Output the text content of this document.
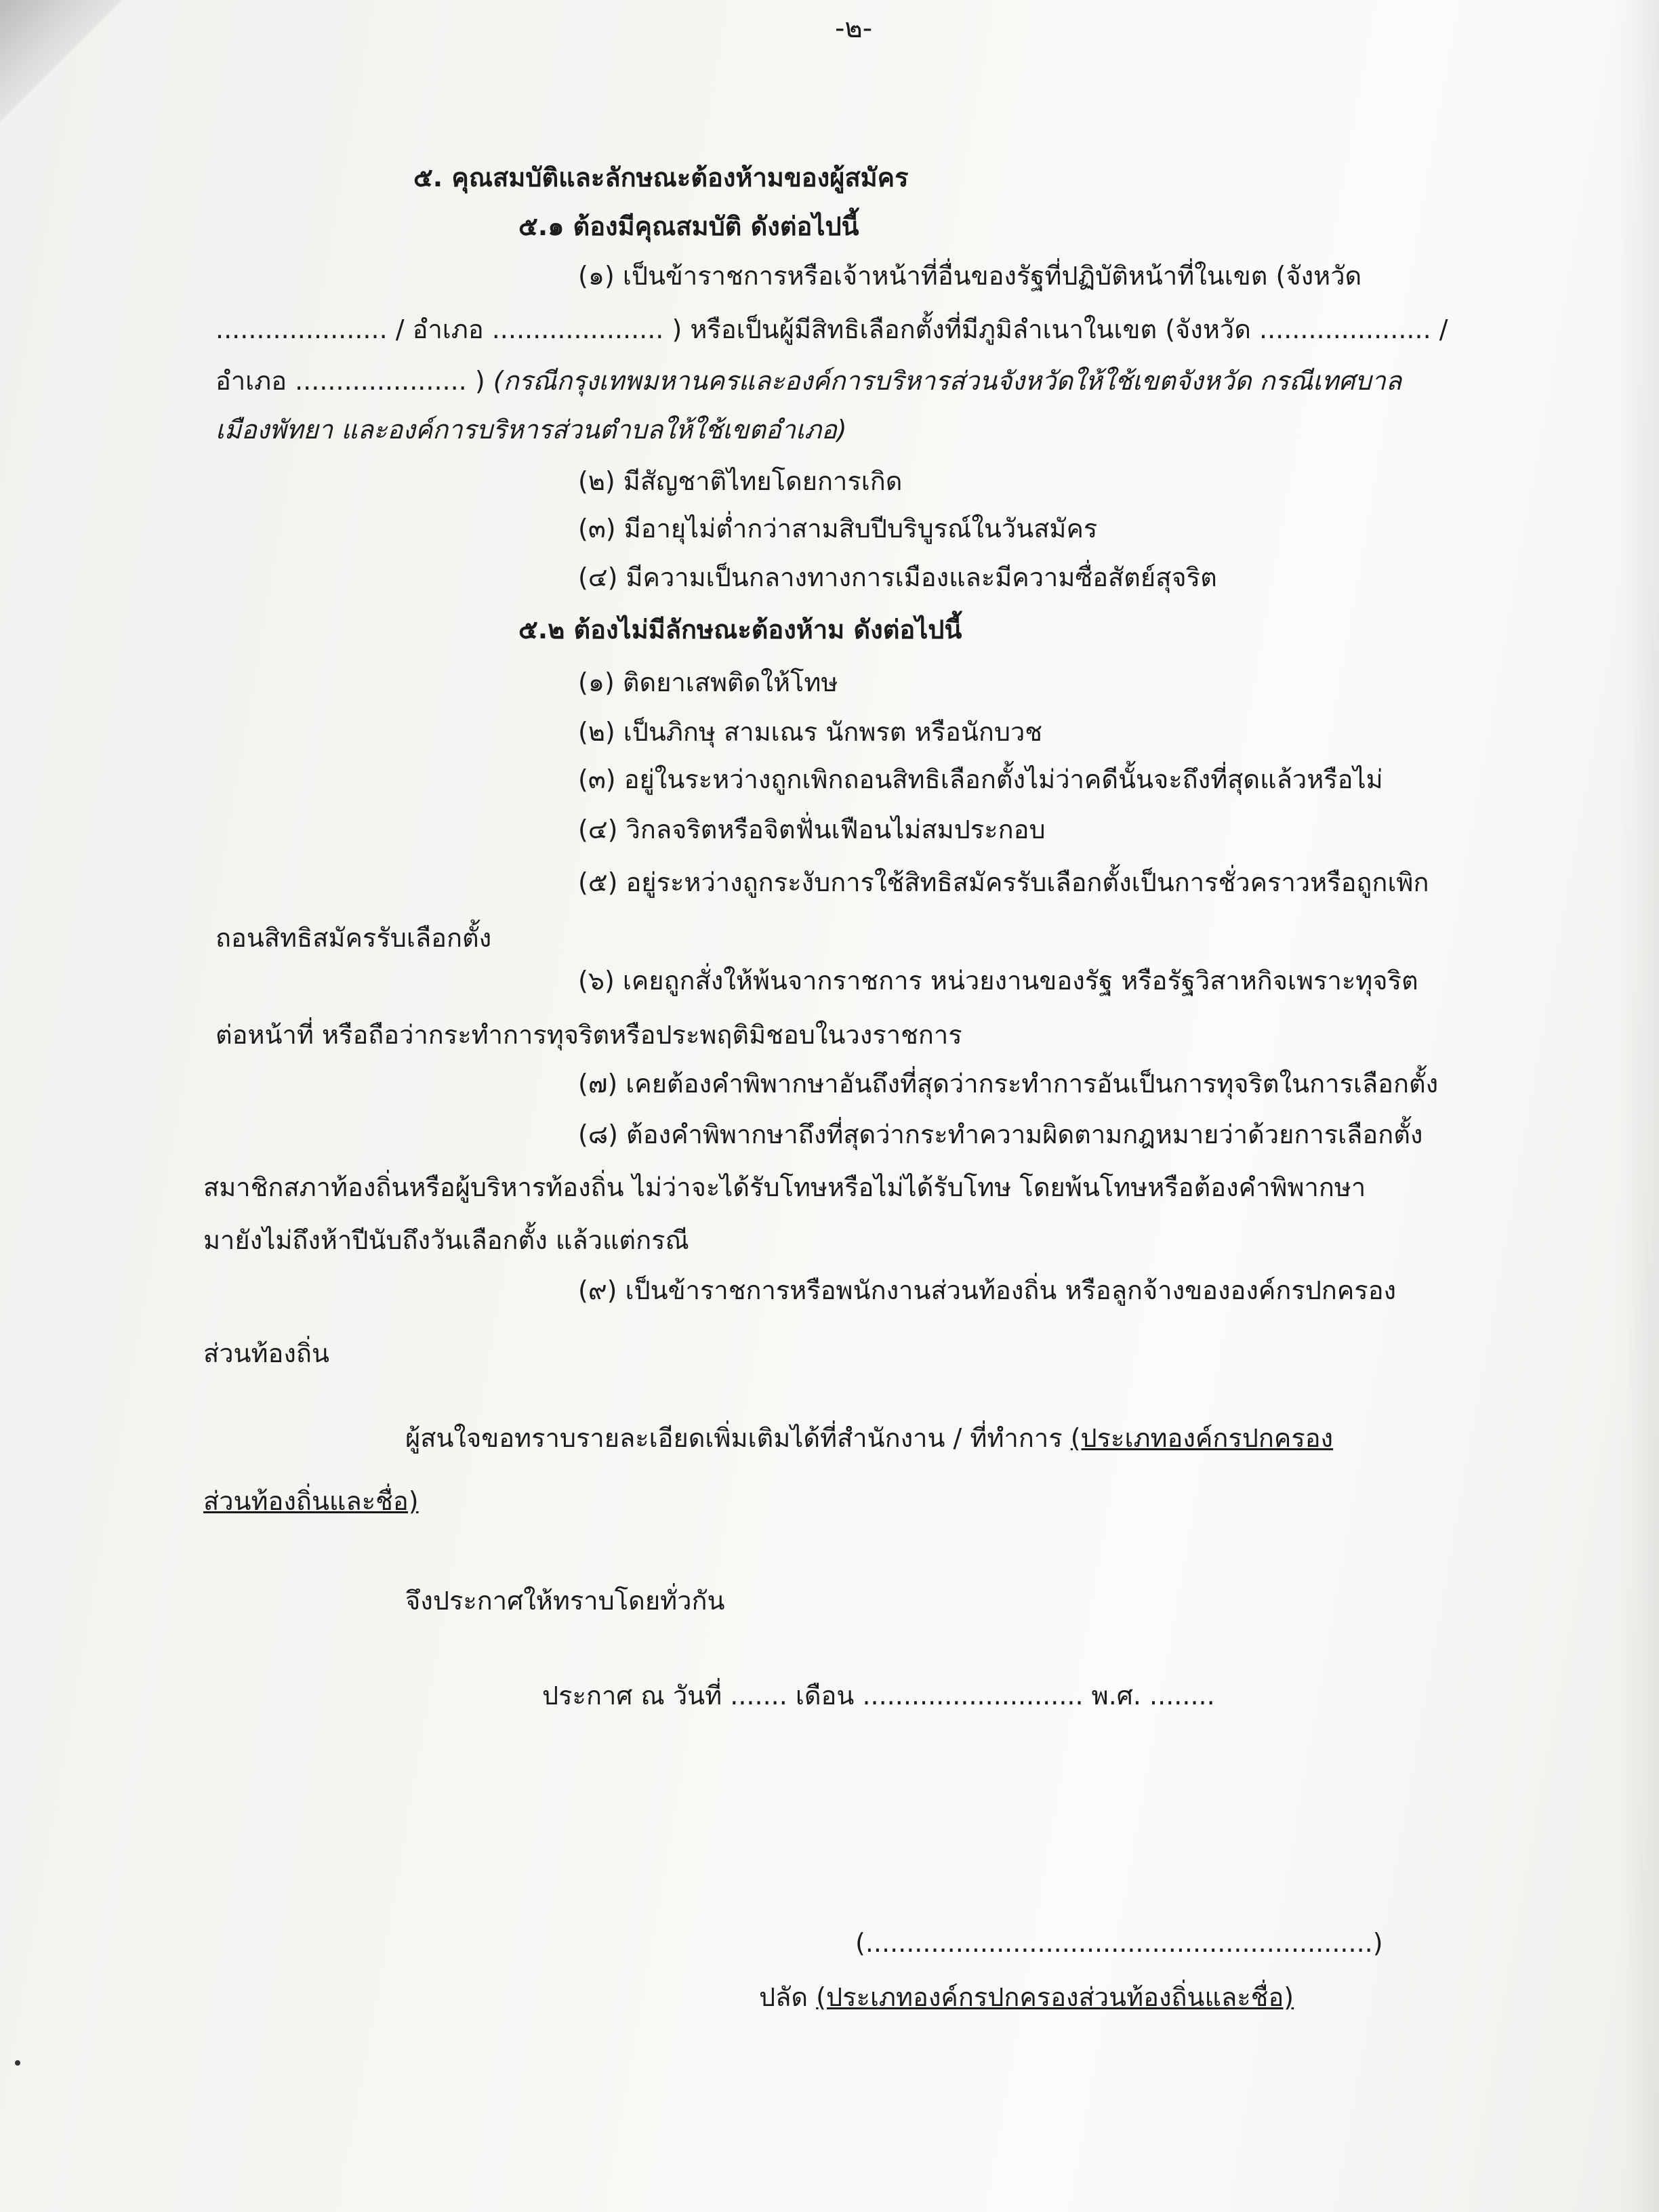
-๒-
๕. คุณสมบัติและลักษณะต้องห้ามของผู้สมัคร
๕.๑ ต้องมีคุณสมบัติ ดังต่อไปนี้
(๑) เป็นข้าราชการหรือเจ้าหน้าที่อื่นของรัฐที่ปฏิบัติหน้าที่ในเขต (จังหวัด
..................... / อำเภอ ..................... ) หรือเป็นผู้มีสิทธิเลือกตั้งที่มีภูมิลำเนาในเขต (จังหวัด ..................... /
อำเภอ ..................... ) (กรณีกรุงเทพมหานครและองค์การบริหารส่วนจังหวัดให้ใช้เขตจังหวัด กรณีเทศบาล
เมืองพัทยา และองค์การบริหารส่วนตำบลให้ใช้เขตอำเภอ)
(๒) มีสัญชาติไทยโดยการเกิด
(๓) มีอายุไม่ต่ำกว่าสามสิบปีบริบูรณ์ในวันสมัคร
(๔) มีความเป็นกลางทางการเมืองและมีความซื่อสัตย์สุจริต
๕.๒ ต้องไม่มีลักษณะต้องห้าม ดังต่อไปนี้
(๑) ติดยาเสพติดให้โทษ
(๒) เป็นภิกษุ สามเณร นักพรต หรือนักบวช
(๓) อยู่ในระหว่างถูกเพิกถอนสิทธิเลือกตั้งไม่ว่าคดีนั้นจะถึงที่สุดแล้วหรือไม่
(๔) วิกลจริตหรือจิตฟั่นเฟือนไม่สมประกอบ
(๕) อยู่ระหว่างถูกระงับการใช้สิทธิสมัครรับเลือกตั้งเป็นการชั่วคราวหรือถูกเพิก
ถอนสิทธิสมัครรับเลือกตั้ง
(๖) เคยถูกสั่งให้พ้นจากราชการ หน่วยงานของรัฐ หรือรัฐวิสาหกิจเพราะทุจริต
ต่อหน้าที่ หรือถือว่ากระทำการทุจริตหรือประพฤติมิชอบในวงราชการ
(๗) เคยต้องคำพิพากษาอันถึงที่สุดว่ากระทำการอันเป็นการทุจริตในการเลือกตั้ง
(๘) ต้องคำพิพากษาถึงที่สุดว่ากระทำความผิดตามกฎหมายว่าด้วยการเลือกตั้ง
สมาชิกสภาท้องถิ่นหรือผู้บริหารท้องถิ่น ไม่ว่าจะได้รับโทษหรือไม่ได้รับโทษ โดยพ้นโทษหรือต้องคำพิพากษา
มายังไม่ถึงห้าปีนับถึงวันเลือกตั้ง แล้วแต่กรณี
(๙) เป็นข้าราชการหรือพนักงานส่วนท้องถิ่น หรือลูกจ้างขององค์กรปกครอง
ส่วนท้องถิ่น
ผู้สนใจขอทราบรายละเอียดเพิ่มเติมได้ที่สำนักงาน / ที่ทำการ (ประเภทองค์กรปกครอง
ส่วนท้องถิ่นและชื่อ)
จึงประกาศให้ทราบโดยทั่วกัน
ประกาศ ณ วันที่ ....... เดือน ........................... พ.ศ. ........
(..............................................................)
ปลัด (ประเภทองค์กรปกครองส่วนท้องถิ่นและชื่อ)
